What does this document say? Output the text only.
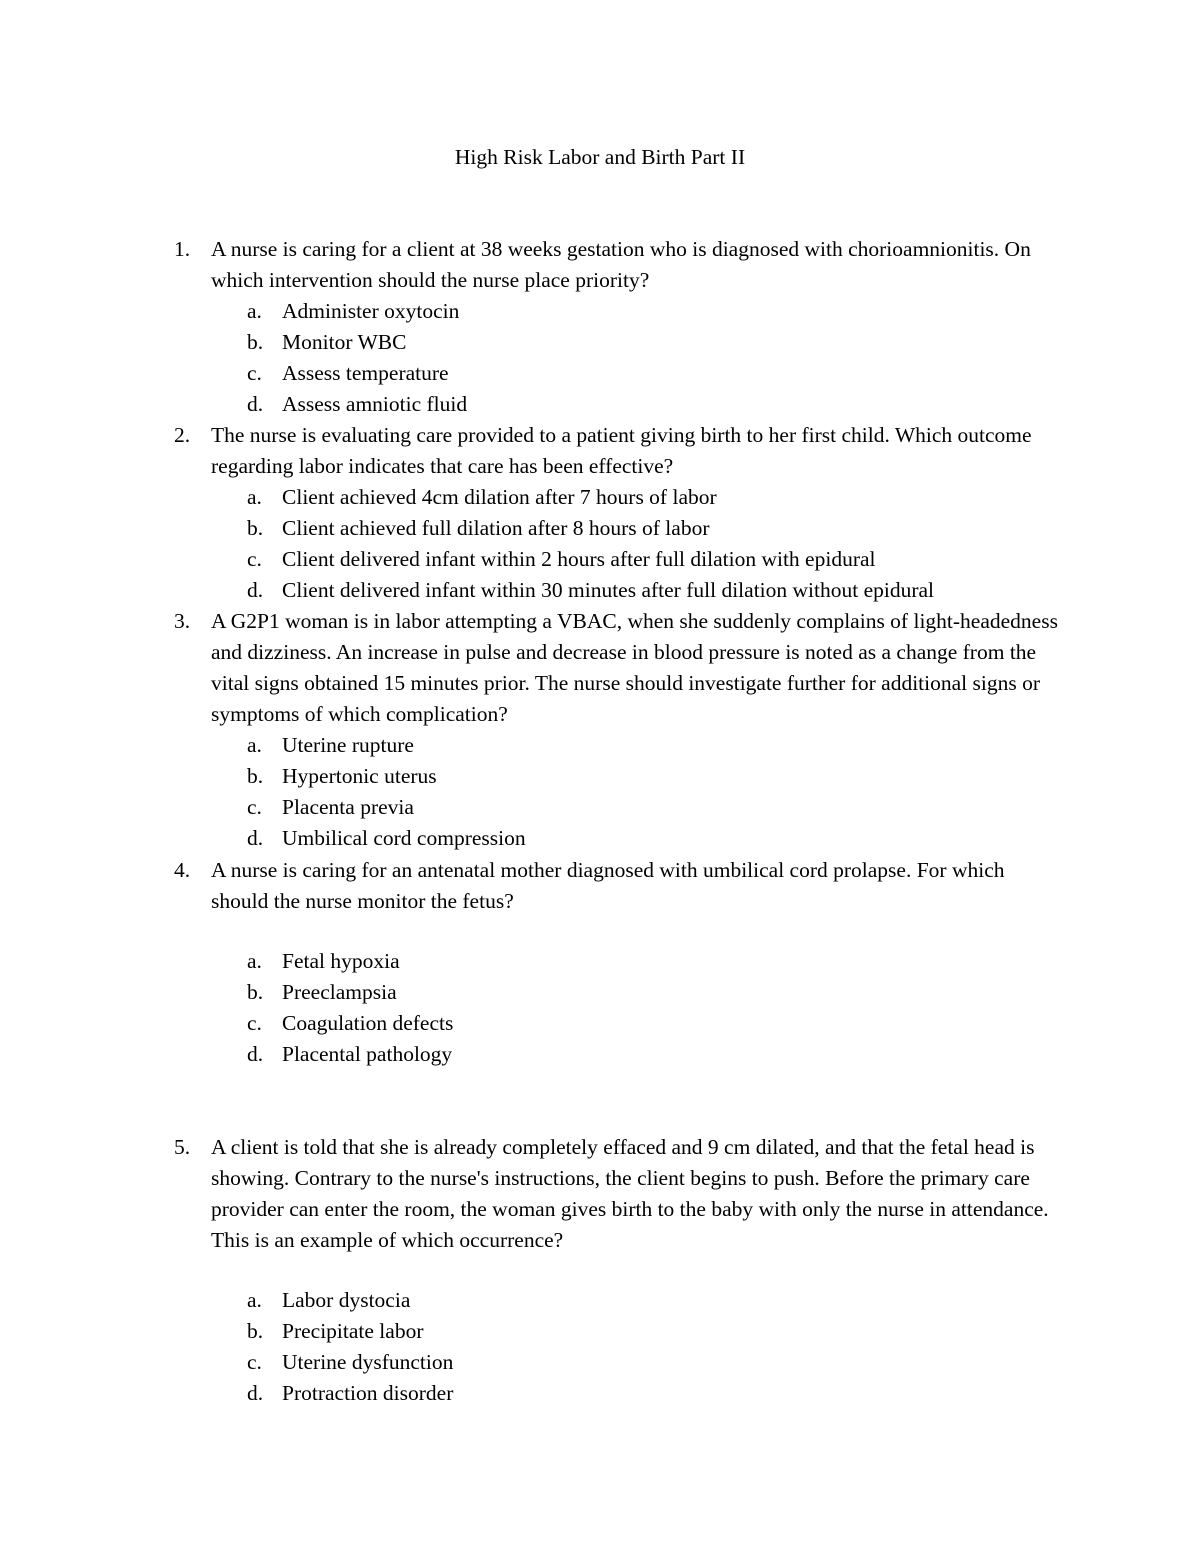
High Risk Labor and Birth Part II
1. A nurse is caring for a client at 38 weeks gestation who is diagnosed with chorioamnionitis. On which intervention should the nurse place priority?
a. Administer oxytocin
b. Monitor WBC
c. Assess temperature
d. Assess amniotic fluid
2. The nurse is evaluating care provided to a patient giving birth to her first child. Which outcome regarding labor indicates that care has been effective?
a. Client achieved 4cm dilation after 7 hours of labor
b. Client achieved full dilation after 8 hours of labor
c. Client delivered infant within 2 hours after full dilation with epidural
d. Client delivered infant within 30 minutes after full dilation without epidural
3. A G2P1 woman is in labor attempting a VBAC, when she suddenly complains of light-headedness and dizziness. An increase in pulse and decrease in blood pressure is noted as a change from the vital signs obtained 15 minutes prior. The nurse should investigate further for additional signs or symptoms of which complication?
a. Uterine rupture
b. Hypertonic uterus
c. Placenta previa
d. Umbilical cord compression
4. A nurse is caring for an antenatal mother diagnosed with umbilical cord prolapse. For which should the nurse monitor the fetus?
a. Fetal hypoxia
b. Preeclampsia
c. Coagulation defects
d. Placental pathology
5. A client is told that she is already completely effaced and 9 cm dilated, and that the fetal head is showing. Contrary to the nurse's instructions, the client begins to push. Before the primary care provider can enter the room, the woman gives birth to the baby with only the nurse in attendance. This is an example of which occurrence?
a. Labor dystocia
b. Precipitate labor
c. Uterine dysfunction
d. Protraction disorder
